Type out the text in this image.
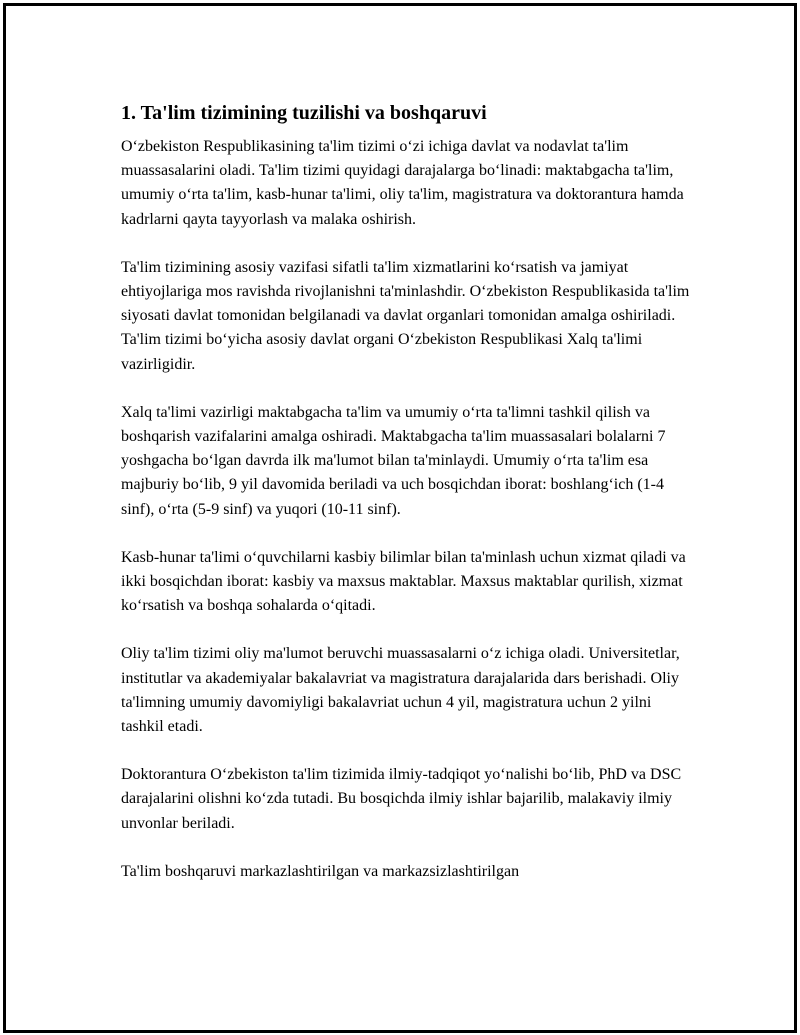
1. Ta'lim tizimining tuzilishi va boshqaruvi

O‘zbekiston Respublikasining ta'lim tizimi o‘zi ichiga davlat va nodavlat ta'lim muassasalarini oladi. Ta'lim tizimi quyidagi darajalarga bo‘linadi: maktabgacha ta'lim, umumiy o‘rta ta'lim, kasb-hunar ta'limi, oliy ta'lim, magistratura va doktorantura hamda kadrlarni qayta tayyorlash va malaka oshirish.

Ta'lim tizimining asosiy vazifasi sifatli ta'lim xizmatlarini ko‘rsatish va jamiyat ehtiyojlariga mos ravishda rivojlanishni ta'minlashdir. O‘zbekiston Respublikasida ta'lim siyosati davlat tomonidan belgilanadi va davlat organlari tomonidan amalga oshiriladi. Ta'lim tizimi bo‘yicha asosiy davlat organi O‘zbekiston Respublikasi Xalq ta'limi vazirligidir.

Xalq ta'limi vazirligi maktabgacha ta'lim va umumiy o‘rta ta'limni tashkil qilish va boshqarish vazifalarini amalga oshiradi. Maktabgacha ta'lim muassasalari bolalarni 7 yoshgacha bo‘lgan davrda ilk ma'lumot bilan ta'minlaydi. Umumiy o‘rta ta'lim esa majburiy bo‘lib, 9 yil davomida beriladi va uch bosqichdan iborat: boshlang‘ich (1-4 sinf), o‘rta (5-9 sinf) va yuqori (10-11 sinf).

Kasb-hunar ta'limi o‘quvchilarni kasbiy bilimlar bilan ta'minlash uchun xizmat qiladi va ikki bosqichdan iborat: kasbiy va maxsus maktablar. Maxsus maktablar qurilish, xizmat ko‘rsatish va boshqa sohalarda o‘qitadi.

Oliy ta'lim tizimi oliy ma'lumot beruvchi muassasalarni o‘z ichiga oladi. Universitetlar, institutlar va akademiyalar bakalavriat va magistratura darajalarida dars berishadi. Oliy ta'limning umumiy davomiyligi bakalavriat uchun 4 yil, magistratura uchun 2 yilni tashkil etadi.

Doktorantura O‘zbekiston ta'lim tizimida ilmiy-tadqiqot yo‘nalishi bo‘lib, PhD va DSC darajalarini olishni ko‘zda tutadi. Bu bosqichda ilmiy ishlar bajarilib, malakaviy ilmiy unvonlar beriladi.

Ta'lim boshqaruvi markazlashtirilgan va markazsizlashtirilgan
